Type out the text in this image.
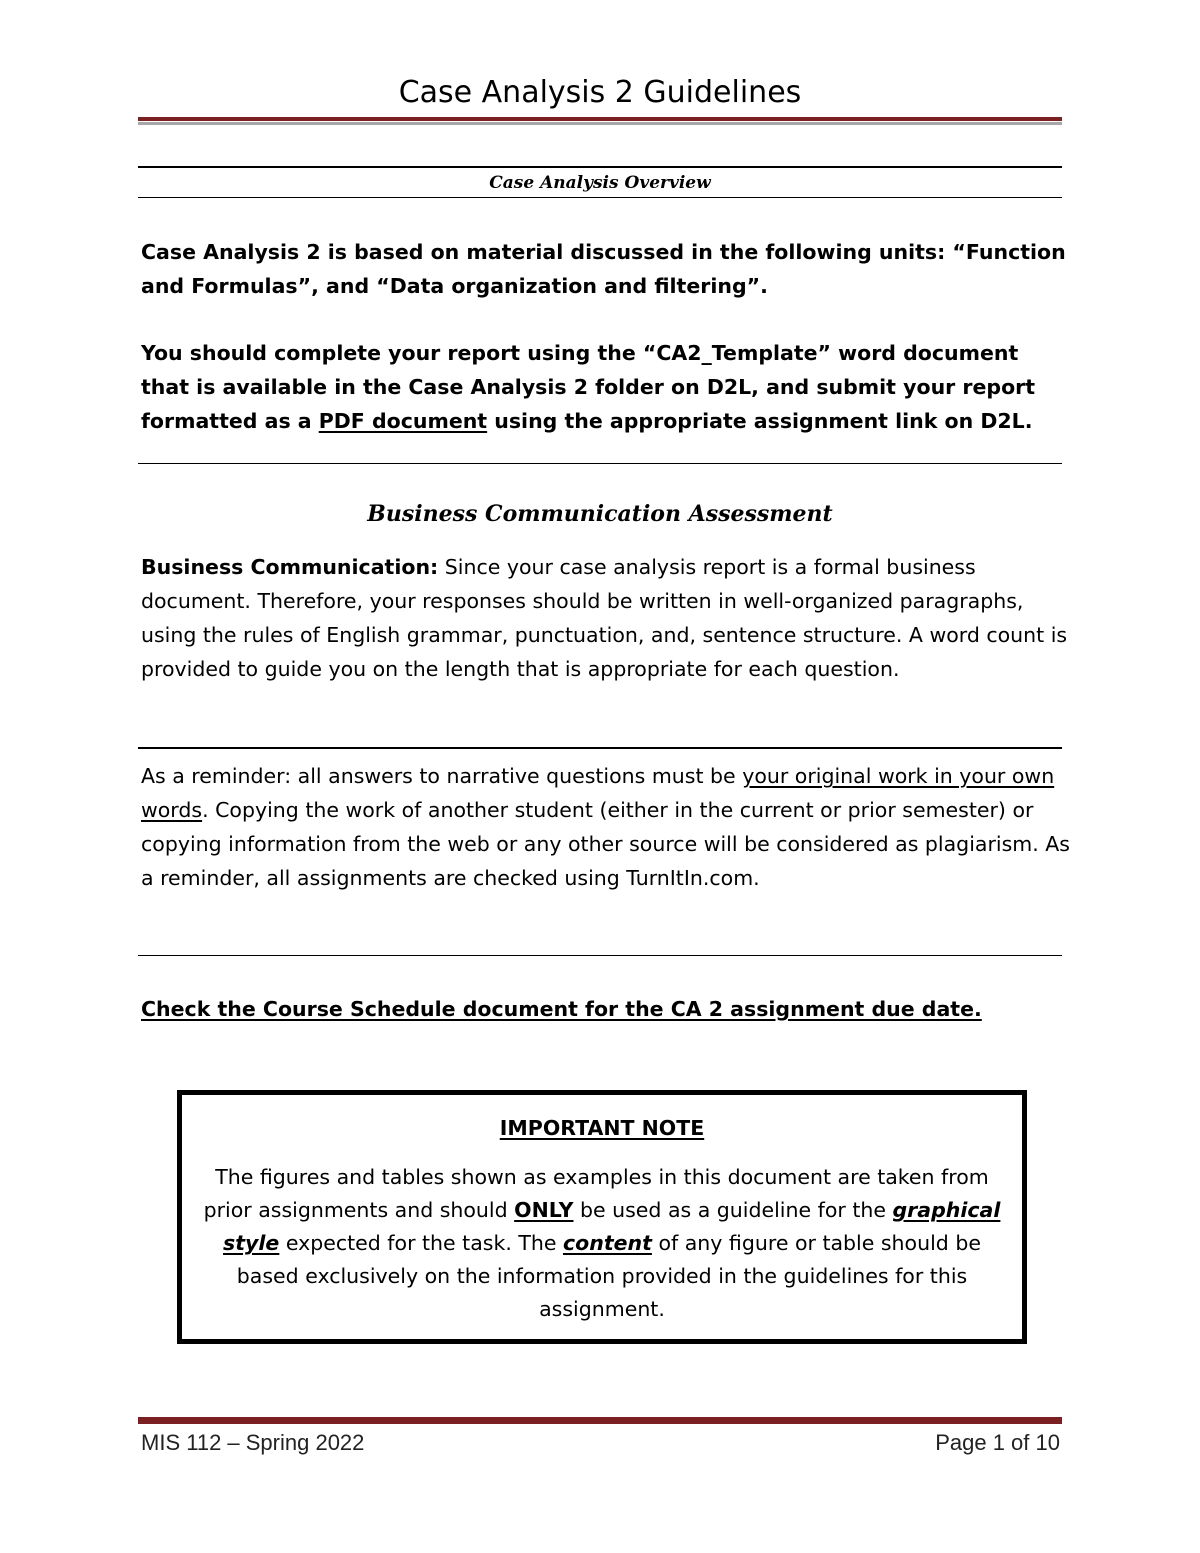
Case Analysis 2 Guidelines
Case Analysis Overview
Case Analysis 2 is based on material discussed in the following units: “Function and Formulas”, and “Data organization and filtering”.
You should complete your report using the “CA2_Template” word document that is available in the Case Analysis 2 folder on D2L, and submit your report formatted as a PDF document using the appropriate assignment link on D2L.
Business Communication Assessment
Business Communication: Since your case analysis report is a formal business document. Therefore, your responses should be written in well-organized paragraphs, using the rules of English grammar, punctuation, and, sentence structure. A word count is provided to guide you on the length that is appropriate for each question.
As a reminder: all answers to narrative questions must be your original work in your own words. Copying the work of another student (either in the current or prior semester) or copying information from the web or any other source will be considered as plagiarism. As a reminder, all assignments are checked using TurnItIn.com.
Check the Course Schedule document for the CA 2 assignment due date.
IMPORTANT NOTE
The figures and tables shown as examples in this document are taken from prior assignments and should ONLY be used as a guideline for the graphical style expected for the task. The content of any figure or table should be based exclusively on the information provided in the guidelines for this assignment.
MIS 112 – Spring 2022	Page 1 of 10
